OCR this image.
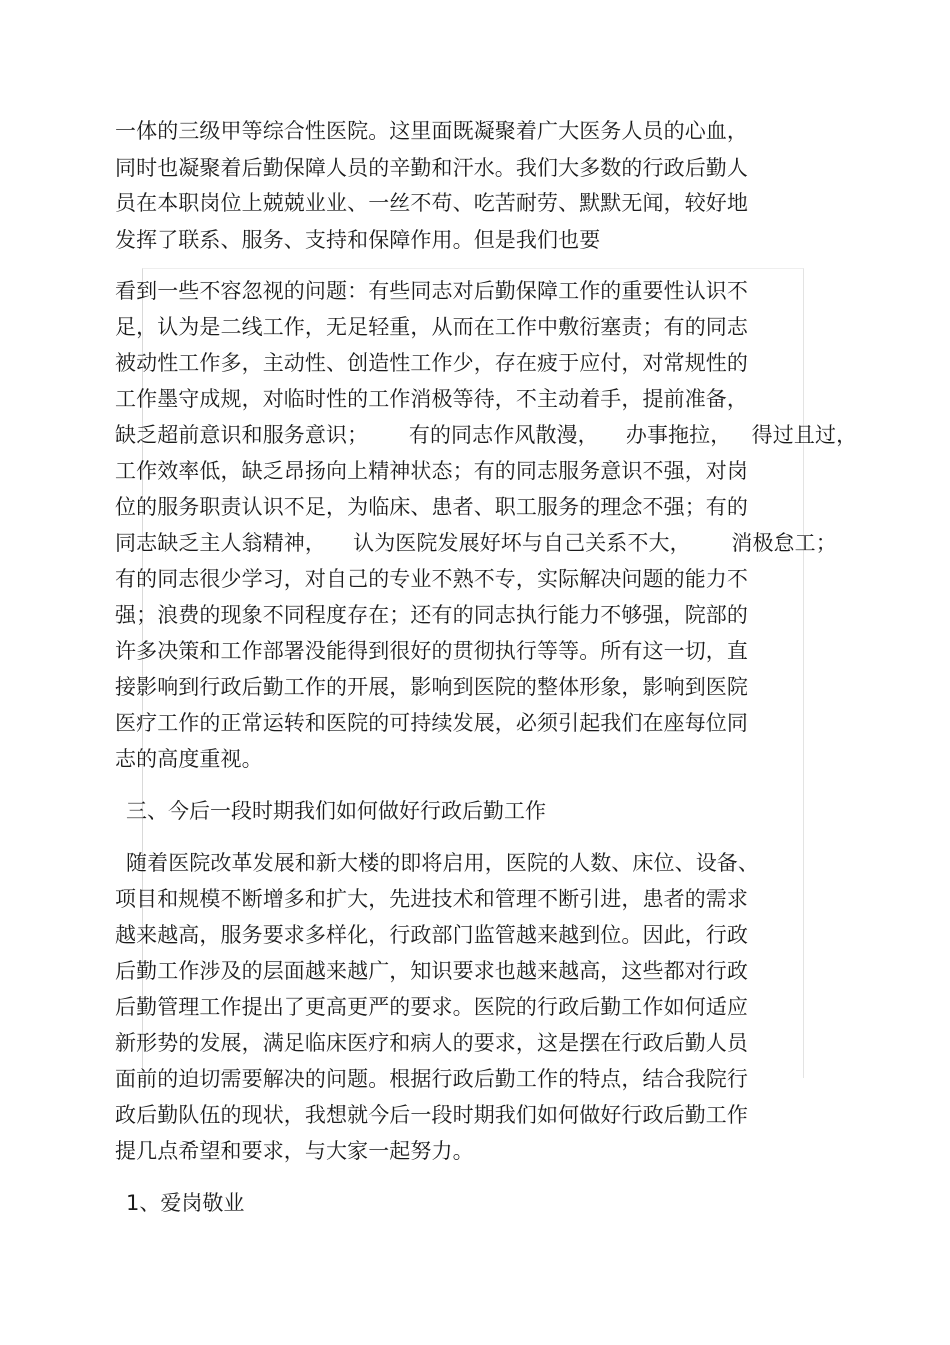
一体的三级甲等综合性医院。这里面既凝聚着广大医务人员的心血，
同时也凝聚着后勤保障人员的辛勤和汗水。我们大多数的行政后勤人
员在本职岗位上兢兢业业、一丝不苟、吃苦耐劳、默默无闻，较好地
发挥了联系、服务、支持和保障作用。但是我们也要
看到一些不容忽视的问题：有些同志对后勤保障工作的重要性认识不
足，认为是二线工作，无足轻重，从而在工作中敷衍塞责；有的同志
被动性工作多，主动性、创造性工作少，存在疲于应付，对常规性的
工作墨守成规，对临时性的工作消极等待，不主动着手，提前准备，
缺乏超前意识和服务意识；      有的同志作风散漫，    办事拖拉，   得过且过，
工作效率低，缺乏昂扬向上精神状态；有的同志服务意识不强，对岗
位的服务职责认识不足，为临床、患者、职工服务的理念不强；有的
同志缺乏主人翁精神，    认为医院发展好坏与自己关系不大，      消极怠工；
有的同志很少学习，对自己的专业不熟不专，实际解决问题的能力不
强；浪费的现象不同程度存在；还有的同志执行能力不够强，院部的
许多决策和工作部署没能得到很好的贯彻执行等等。所有这一切，直
接影响到行政后勤工作的开展，影响到医院的整体形象，影响到医院
医疗工作的正常运转和医院的可持续发展，必须引起我们在座每位同
志的高度重视。
三、今后一段时期我们如何做好行政后勤工作
随着医院改革发展和新大楼的即将启用，医院的人数、床位、设备、
项目和规模不断增多和扩大，先进技术和管理不断引进，患者的需求
越来越高，服务要求多样化，行政部门监管越来越到位。因此，行政
后勤工作涉及的层面越来越广，知识要求也越来越高，这些都对行政
后勤管理工作提出了更高更严的要求。医院的行政后勤工作如何适应
新形势的发展，满足临床医疗和病人的要求，这是摆在行政后勤人员
面前的迫切需要解决的问题。根据行政后勤工作的特点，结合我院行
政后勤队伍的现状，我想就今后一段时期我们如何做好行政后勤工作
提几点希望和要求，与大家一起努力。
1、爱岗敬业
